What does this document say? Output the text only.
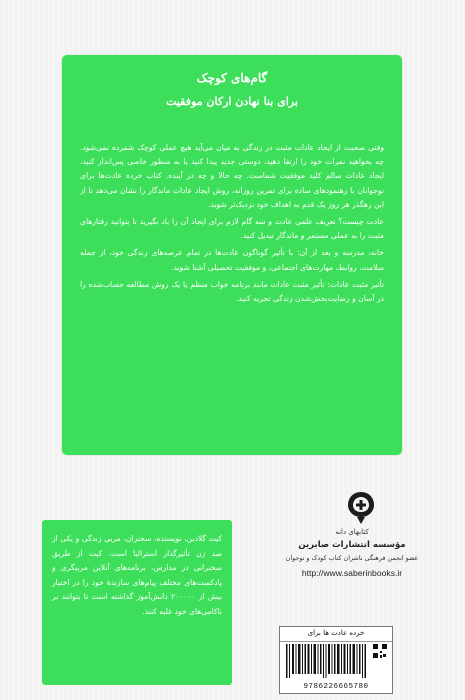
گام‌های کوچک
برای بنا نهادن ارکان موفقیت

وقتی صحبت از ایجاد عادات مثبت در زندگی به میان می‌آید هیچ عملی کوچک شمرده نمی‌شود. چه بخواهید نمرات خود را ارتقا دهید، دوستی جدید پیدا کنید یا به منظور خاصی پس‌انداز کنید، ایجاد عادات سالم کلید موفقیت شماست. چه حالا و چه در آینده. کتاب خرده عادت‌ها برای نوجوانان با رهنمودهای ساده برای تمرین روزانه، روش ایجاد عادات ماندگار را نشان می‌دهد تا از این رهگذر هر روز یک قدم به اهداف خود نزدیک‌تر شوید.

عادت چیست؟ تعریف علمی عادت و سه گام لازم برای ایجاد آن را یاد بگیرید تا بتوانید رفتارهای مثبت را به عملی مستمر و ماندگار تبدیل کنید.

خانه، مدرسه و بعد از آن: با تأثیر گوناگون عادت‌ها در تمام عرصه‌های زندگی خود، از جمله سلامت، روابط، مهارت‌های اجتماعی، و موفقیت تحصیلی آشنا شوید.

تأثیر مثبت عادات: تأثیر مثبت عادات مانند برنامه خواب منظم یا یک روش مطالعه حساب‌شده را در آسان و رضایت‌بخش‌شدن زندگی تجربه کنید.

کیت گلادین، نویسنده، سخنران، مربی زندگی و یکی از صد زن تأثیرگذار استرالیا است. کیت از طریق سخنرانی در مدارس، برنامه‌های آنلاین مربیگری و پادکست‌های مختلف پیام‌های سازندهٔ خود را در اختیار بیش از ۲۰۰۰۰۰ دانش‌آموز گذاشته است تا بتوانند بر ناکامی‌های خود غلبه کنند.
کتابهای دانه
مؤسسه انتشارات صابرین
عضو انجمن فرهنگی ناشران کتاب کودک و نوجوان
http://www.saberinbooks.ir
خرده عادت ها برای
9786226665780
